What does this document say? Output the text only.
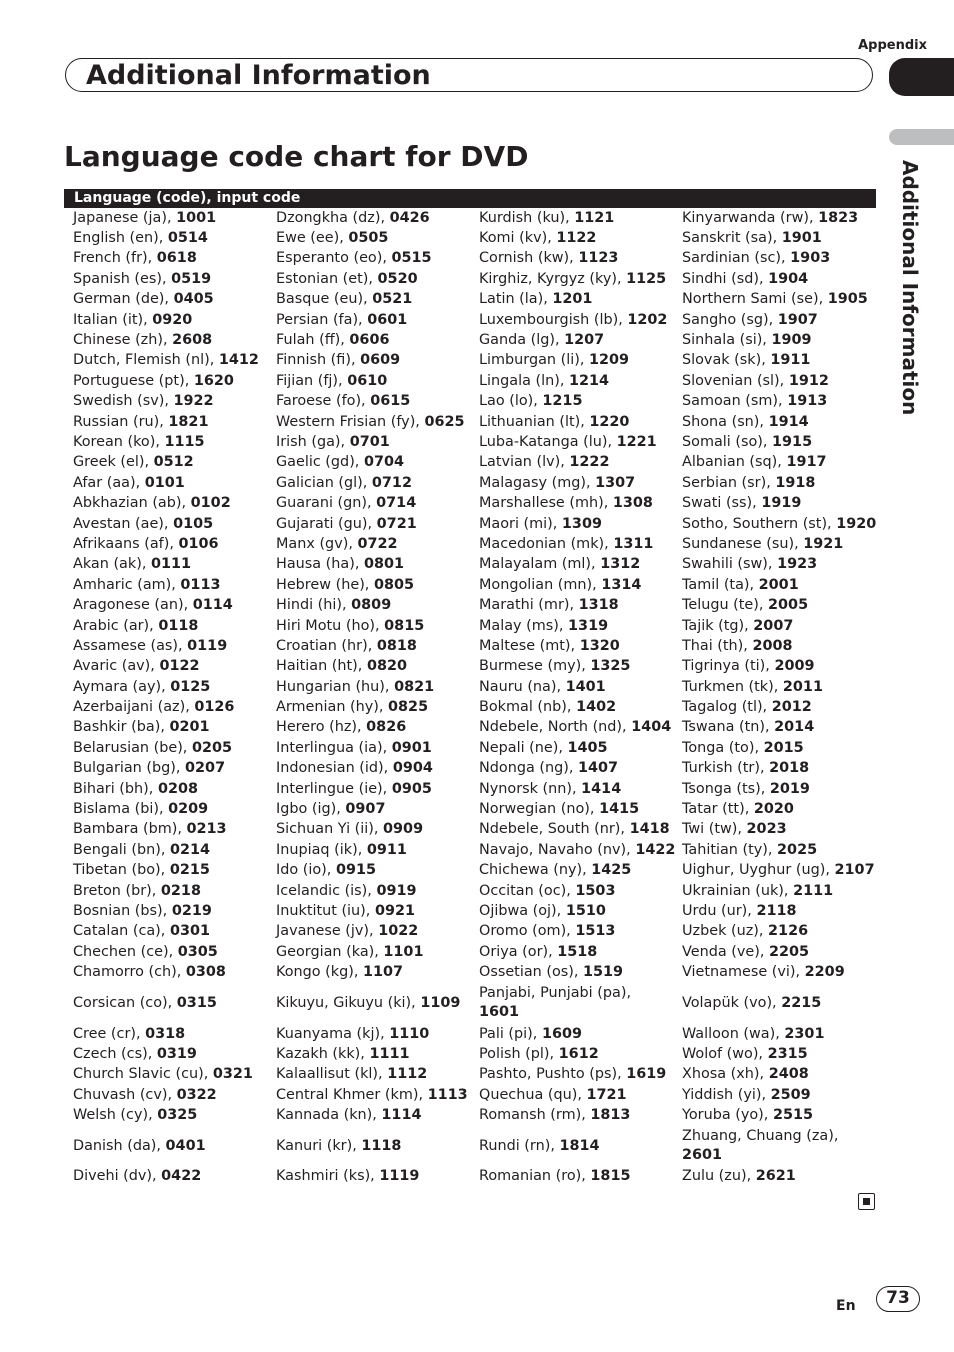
Appendix
Additional Information
Additional Information
Language code chart for DVD
Language (code), input code
Japanese (ja), 1001
English (en), 0514
French (fr), 0618
Spanish (es), 0519
German (de), 0405
Italian (it), 0920
Chinese (zh), 2608
Dutch, Flemish (nl), 1412
Portuguese (pt), 1620
Swedish (sv), 1922
Russian (ru), 1821
Korean (ko), 1115
Greek (el), 0512
Afar (aa), 0101
Abkhazian (ab), 0102
Avestan (ae), 0105
Afrikaans (af), 0106
Akan (ak), 0111
Amharic (am), 0113
Aragonese (an), 0114
Arabic (ar), 0118
Assamese (as), 0119
Avaric (av), 0122
Aymara (ay), 0125
Azerbaijani (az), 0126
Bashkir (ba), 0201
Belarusian (be), 0205
Bulgarian (bg), 0207
Bihari (bh), 0208
Bislama (bi), 0209
Bambara (bm), 0213
Bengali (bn), 0214
Tibetan (bo), 0215
Breton (br), 0218
Bosnian (bs), 0219
Catalan (ca), 0301
Chechen (ce), 0305
Chamorro (ch), 0308
Corsican (co), 0315
Cree (cr), 0318
Czech (cs), 0319
Church Slavic (cu), 0321
Chuvash (cv), 0322
Welsh (cy), 0325
Danish (da), 0401
Divehi (dv), 0422
Dzongkha (dz), 0426
Ewe (ee), 0505
Esperanto (eo), 0515
Estonian (et), 0520
Basque (eu), 0521
Persian (fa), 0601
Fulah (ff), 0606
Finnish (fi), 0609
Fijian (fj), 0610
Faroese (fo), 0615
Western Frisian (fy), 0625
Irish (ga), 0701
Gaelic (gd), 0704
Galician (gl), 0712
Guarani (gn), 0714
Gujarati (gu), 0721
Manx (gv), 0722
Hausa (ha), 0801
Hebrew (he), 0805
Hindi (hi), 0809
Hiri Motu (ho), 0815
Croatian (hr), 0818
Haitian (ht), 0820
Hungarian (hu), 0821
Armenian (hy), 0825
Herero (hz), 0826
Interlingua (ia), 0901
Indonesian (id), 0904
Interlingue (ie), 0905
Igbo (ig), 0907
Sichuan Yi (ii), 0909
Inupiaq (ik), 0911
Ido (io), 0915
Icelandic (is), 0919
Inuktitut (iu), 0921
Javanese (jv), 1022
Georgian (ka), 1101
Kongo (kg), 1107
Kikuyu, Gikuyu (ki), 1109
Kuanyama (kj), 1110
Kazakh (kk), 1111
Kalaallisut (kl), 1112
Central Khmer (km), 1113
Kannada (kn), 1114
Kanuri (kr), 1118
Kashmiri (ks), 1119
Kurdish (ku), 1121
Komi (kv), 1122
Cornish (kw), 1123
Kirghiz, Kyrgyz (ky), 1125
Latin (la), 1201
Luxembourgish (lb), 1202
Ganda (lg), 1207
Limburgan (li), 1209
Lingala (ln), 1214
Lao (lo), 1215
Lithuanian (lt), 1220
Luba-Katanga (lu), 1221
Latvian (lv), 1222
Malagasy (mg), 1307
Marshallese (mh), 1308
Maori (mi), 1309
Macedonian (mk), 1311
Malayalam (ml), 1312
Mongolian (mn), 1314
Marathi (mr), 1318
Malay (ms), 1319
Maltese (mt), 1320
Burmese (my), 1325
Nauru (na), 1401
Bokmal (nb), 1402
Ndebele, North (nd), 1404
Nepali (ne), 1405
Ndonga (ng), 1407
Nynorsk (nn), 1414
Norwegian (no), 1415
Ndebele, South (nr), 1418
Navajo, Navaho (nv), 1422
Chichewa (ny), 1425
Occitan (oc), 1503
Ojibwa (oj), 1510
Oromo (om), 1513
Oriya (or), 1518
Ossetian (os), 1519
Panjabi, Punjabi (pa), 1601
Pali (pi), 1609
Polish (pl), 1612
Pashto, Pushto (ps), 1619
Quechua (qu), 1721
Romansh (rm), 1813
Rundi (rn), 1814
Romanian (ro), 1815
Kinyarwanda (rw), 1823
Sanskrit (sa), 1901
Sardinian (sc), 1903
Sindhi (sd), 1904
Northern Sami (se), 1905
Sangho (sg), 1907
Sinhala (si), 1909
Slovak (sk), 1911
Slovenian (sl), 1912
Samoan (sm), 1913
Shona (sn), 1914
Somali (so), 1915
Albanian (sq), 1917
Serbian (sr), 1918
Swati (ss), 1919
Sotho, Southern (st), 1920
Sundanese (su), 1921
Swahili (sw), 1923
Tamil (ta), 2001
Telugu (te), 2005
Tajik (tg), 2007
Thai (th), 2008
Tigrinya (ti), 2009
Turkmen (tk), 2011
Tagalog (tl), 2012
Tswana (tn), 2014
Tonga (to), 2015
Turkish (tr), 2018
Tsonga (ts), 2019
Tatar (tt), 2020
Twi (tw), 2023
Tahitian (ty), 2025
Uighur, Uyghur (ug), 2107
Ukrainian (uk), 2111
Urdu (ur), 2118
Uzbek (uz), 2126
Venda (ve), 2205
Vietnamese (vi), 2209
Volapük (vo), 2215
Walloon (wa), 2301
Wolof (wo), 2315
Xhosa (xh), 2408
Yiddish (yi), 2509
Yoruba (yo), 2515
Zhuang, Chuang (za), 2601
Zulu (zu), 2621
En	73
